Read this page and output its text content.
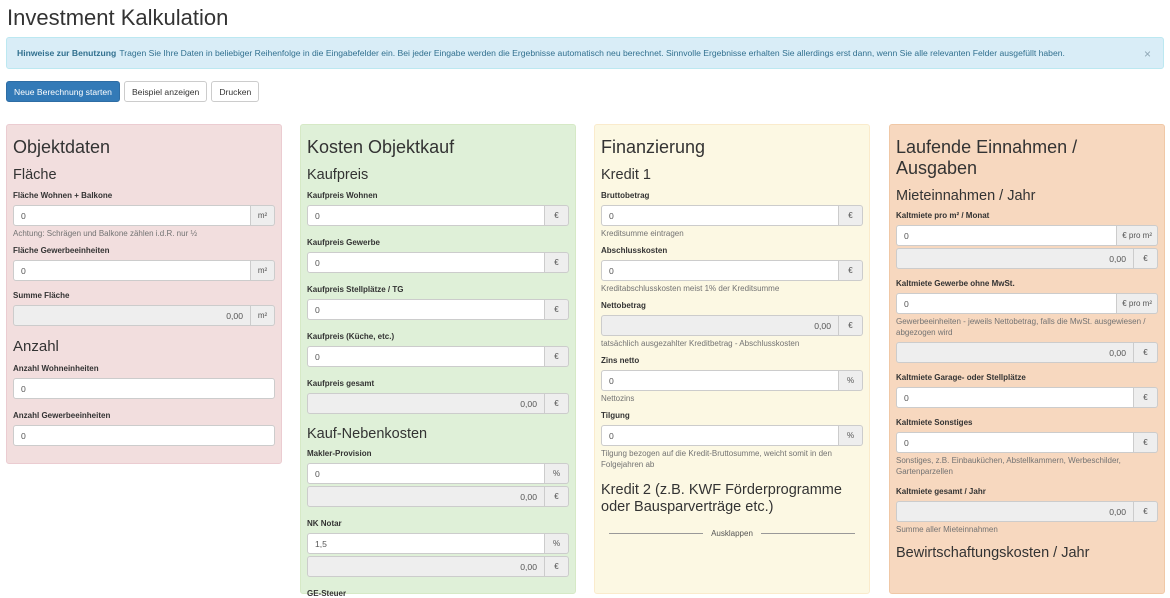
Investment Kalkulation
Hinweise zur Benutzung Tragen Sie Ihre Daten in beliebiger Reihenfolge in die Eingabefelder ein. Bei jeder Eingabe werden die Ergebnisse automatisch neu berechnet. Sinnvolle Ergebnisse erhalten Sie allerdings erst dann, wenn Sie alle relevanten Felder ausgefüllt haben.	×
Neue Berechnung starten	Beispiel anzeigen	Drucken
Objektdaten
Fläche
Fläche Wohnen + Balkone
0
m²
Achtung: Schrägen und Balkone zählen i.d.R. nur ½
Fläche Gewerbeeinheiten
0
m²
Summe Fläche
0,00
m²
Anzahl
Anzahl Wohneinheiten
0
Anzahl Gewerbeeinheiten
0
Kosten Objektkauf
Kaufpreis
Kaufpreis Wohnen
0
€
Kaufpreis Gewerbe
0
€
Kaufpreis Stellplätze / TG
0
€
Kaufpreis (Küche, etc.)
0
€
Kaufpreis gesamt
0,00
€
Kauf-Nebenkosten
Makler-Provision
0
%
0,00
€
NK Notar
1,5
%
0,00
€
GE-Steuer
Finanzierung
Kredit 1
Bruttobetrag
0
€
Kreditsumme eintragen
Abschlusskosten
0
€
Kreditabschlusskosten meist 1% der Kreditsumme
Nettobetrag
0,00
€
tatsächlich ausgezahlter Kreditbetrag - Abschlusskosten
Zins netto
0
%
Nettozins
Tilgung
0
%
Tilgung bezogen auf die Kredit-Bruttosumme, weicht somit in den Folgejahren ab
Kredit 2 (z.B. KWF Förderprogramme oder Bausparverträge etc.)
Ausklappen
Laufende Einnahmen / Ausgaben
Mieteinnahmen / Jahr
Kaltmiete pro m² / Monat
0
€ pro m²
0,00
€
Kaltmiete Gewerbe ohne MwSt.
0
€ pro m²
Gewerbeeinheiten - jeweils Nettobetrag, falls die MwSt. ausgewiesen / abgezogen wird
0,00
€
Kaltmiete Garage- oder Stellplätze
0
€
Kaltmiete Sonstiges
0
€
Sonstiges, z.B. Einbauküchen, Abstellkammern, Werbeschilder, Gartenparzellen
Kaltmiete gesamt / Jahr
0,00
€
Summe aller Mieteinnahmen
Bewirtschaftungskosten / Jahr
